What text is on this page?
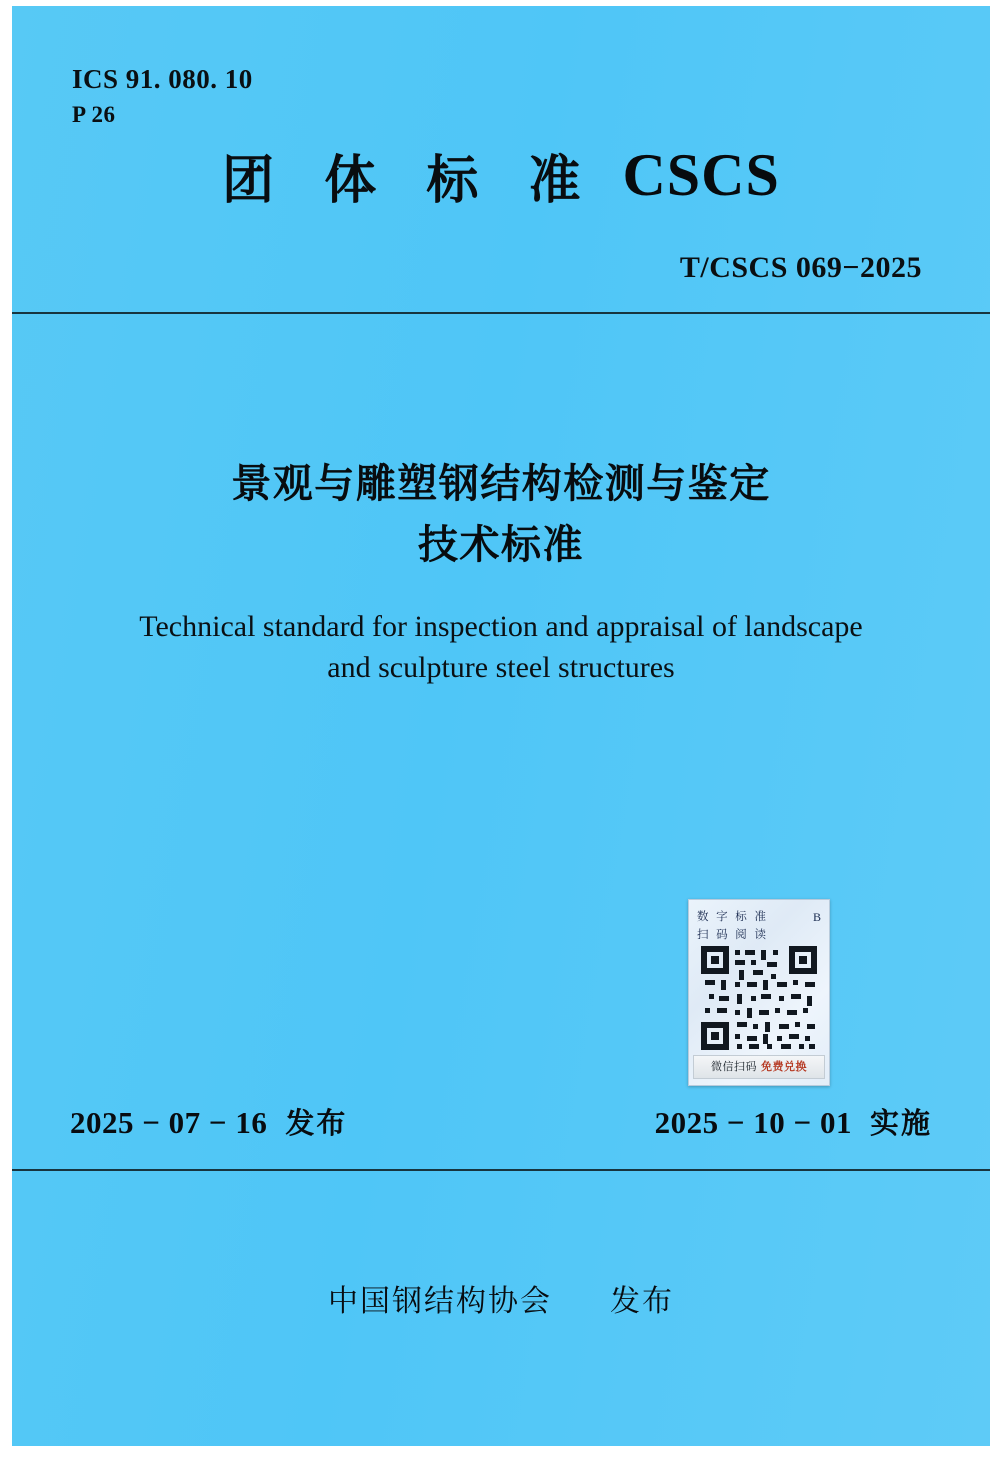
ICS 91. 080. 10
P 26
团 体 标 准 CSCS
T/CSCS 069−2025
景观与雕塑钢结构检测与鉴定
技术标准
Technical standard for inspection and appraisal of landscape
and sculpture steel structures
数 字 标 准
扫 码 阅 读
B
微信扫码 免费兑换
2025 − 07 − 16 发布	2025 − 10 − 01 实施
中国钢结构协会 发布
